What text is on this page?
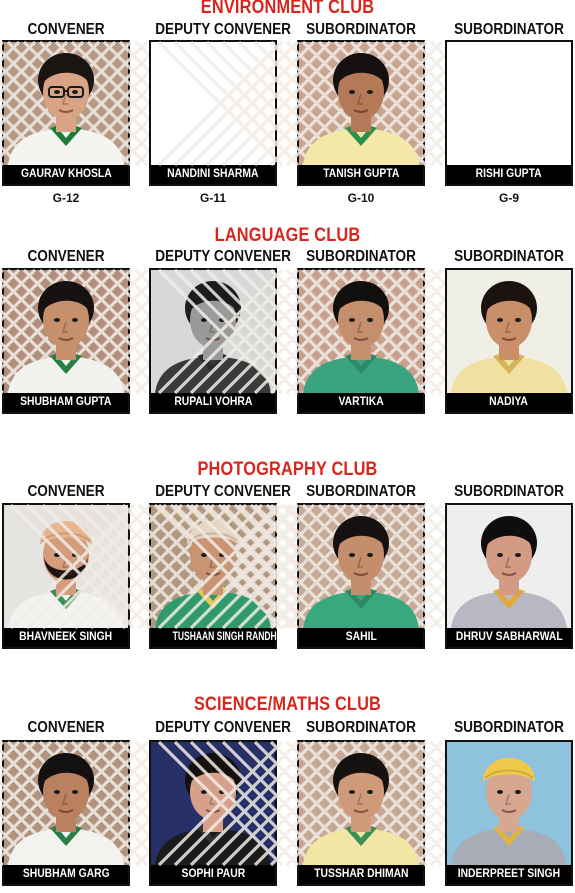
ENVIRONMENT CLUB
CONVENER
GAURAV KHOSLA
G-12
DEPUTY CONVENER
NANDINI SHARMA
G-11
SUBORDINATOR
TANISH GUPTA
G-10
SUBORDINATOR
RISHI GUPTA
G-9
LANGUAGE CLUB
CONVENER
SHUBHAM GUPTA
DEPUTY CONVENER
RUPALI VOHRA
SUBORDINATOR
VARTIKA
SUBORDINATOR
NADIYA
PHOTOGRAPHY CLUB
CONVENER
BHAVNEEK SINGH
DEPUTY CONVENER
TUSHAAN SINGH RANDHAWA
SUBORDINATOR
SAHIL
SUBORDINATOR
DHRUV SABHARWAL
SCIENCE/MATHS CLUB
CONVENER
SHUBHAM GARG
DEPUTY CONVENER
SOPHI PAUR
SUBORDINATOR
TUSSHAR DHIMAN
SUBORDINATOR
INDERPREET SINGH
